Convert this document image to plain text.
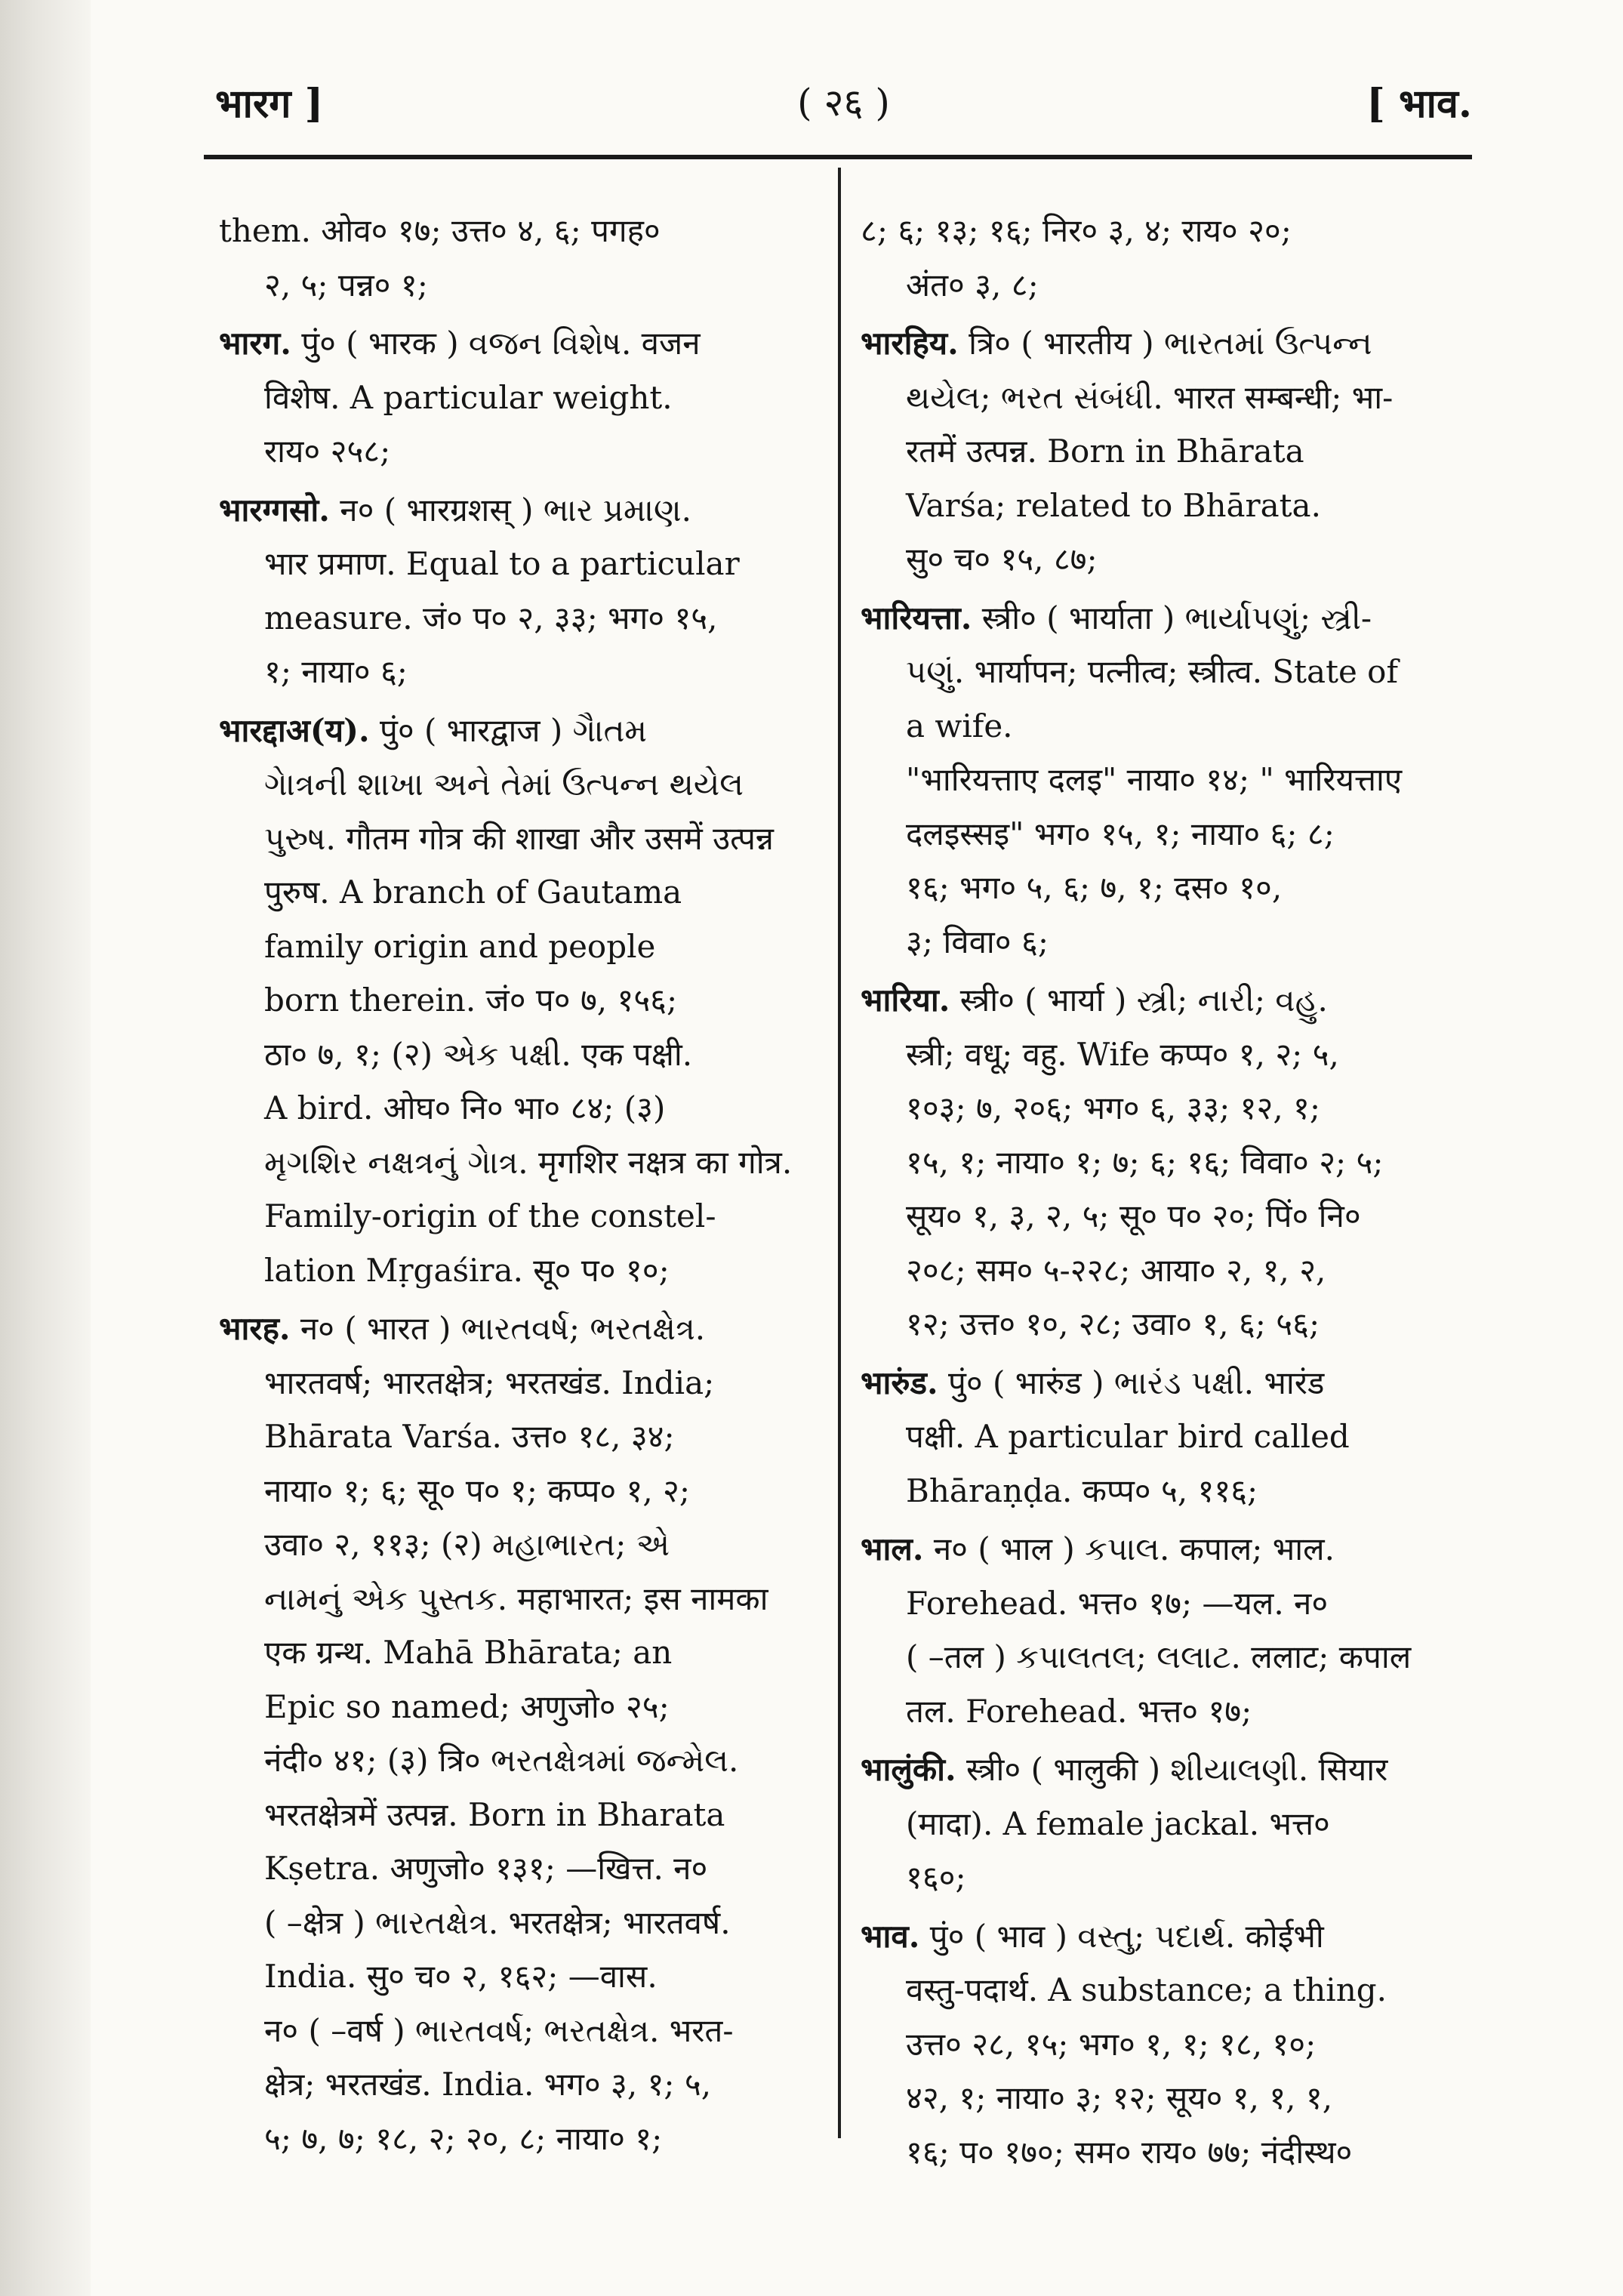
भारग ]	( २६ )	[ भाव.
them. ओव० १७; उत्त० ४, ६; पगह०
२, ५; पन्न० १;
भारग. पुं० ( भारक ) વજન વિશેષ. वजन
विशेष. A particular weight.
राय० २५८;
भारग्गसो. न० ( भारग्रशस् ) ભાર પ્રમાણ.
भार प्रमाण. Equal to a particular
measure. जं० प० २, ३३; भग० १५,
१; नाया० ६;
भारद्दाअ(य). पुं० ( भारद्वाज ) ગૈાતમ
ગેાત્રની શાખા અને તેમાં ઉત્પન્ન થયેલ
પુરુષ. गौतम गोत्र की शाखा और उसमें उत्पन्न
पुरुष. A branch of Gautama
family origin and people
born therein. जं० प० ७, १५६;
ठा० ७, १; (२) એક પક્ષી. एक पक्षी.
A bird. ओघ० नि० भा० ८४; (३)
મૃગશિર નક્ષત્રનું ગેાત્ર. मृगशिर नक्षत्र का गोत्र.
Family-origin of the constel-
lation Mṛgaśira. सू० प० १०;
भारह. न० ( भारत ) ભારતવર્ષ; ભરતક્ષેત્ર.
भारतवर्ष; भारतक्षेत्र; भरतखंड. India;
Bhārata Varśa. उत्त० १८, ३४;
नाया० १; ६; सू० प० १; कप्प० १, २;
उवा० २, ११३; (२) મહાભારત; એ
નામનું એક પુસ્તક. महाभारत; इस नामका
एक ग्रन्थ. Mahā Bhārata; an
Epic so named; अणुजो० २५;
नंदी० ४१; (३) त्रि० ભરતક્ષેત્રમાં જન્મેલ.
भरतक्षेत्रमें उत्पन्न. Born in Bharata
Kṣetra. अणुजो० १३१; —खित्त. न०
( –क्षेत्र ) ભારતક્ષેત્ર. भरतक्षेत्र; भारतवर्ष.
India. सु० च० २, १६२; —वास.
न० ( –वर्ष ) ભારતવર્ષ; ભરતક્ષેત્ર. भरत-
क्षेत्र; भरतखंड. India. भग० ३, १; ५,
५; ७, ७; १८, २; २०, ८; नाया० १;
८; ६; १३; १६; निर० ३, ४; राय० २०;
अंत० ३, ८;
भारहिय. त्रि० ( भारतीय ) ભારતમાં ઉત્પન્ન
થયેલ; ભરત સંબંધી. भारत सम्बन्धी; भा-
रतमें उत्पन्न. Born in Bhārata
Varśa; related to Bhārata.
सु० च० १५, ८७;
भारियत्ता. स्त्री० ( भार्याता ) ભાર્યાપણું; સ્ત્રી-
પણું. भार्यापन; पत्नीत्व; स्त्रीत्व. State of
a wife.
"भारियत्ताए दलइ" नाया० १४; " भारियत्ताए
दलइस्सइ" भग० १५, १; नाया० ६; ८;
१६; भग० ५, ६; ७, १; दस० १०,
३; विवा० ६;
भारिया. स्त्री० ( भार्या ) સ્ત્રી; નારી; વહુ.
स्त्री; वधू; वहु. Wife कप्प० १, २; ५,
१०३; ७, २०६; भग० ६, ३३; १२, १;
१५, १; नाया० १; ७; ६; १६; विवा० २; ५;
सूय० १, ३, २, ५; सू० प० २०; पिं० नि०
२०८; सम० ५-२२८; आया० २, १, २,
१२; उत्त० १०, २८; उवा० १, ६; ५६;
भारुंड. पुं० ( भारुंड ) ભારંડ પક્ષી. भारंड
पक्षी. A particular bird called
Bhāraṇḍa. कप्प० ५, ११६;
भाल. न० ( भाल ) કપાલ. कपाल; भाल.
Forehead. भत्त० १७; —यल. न०
( –तल ) કપાલતલ; લલાટ. ललाट; कपाल
तल. Forehead. भत्त० १७;
भालुंकी. स्त्री० ( भालुकी ) શીયાલણી. सियार
(मादा). A female jackal. भत्त०
१६०;
भाव. पुं० ( भाव ) વસ્તુ; પદાર્થ. कोईभी
वस्तु-पदार्थ. A substance; a thing.
उत्त० २८, १५; भग० १, १; १८, १०;
४२, १; नाया० ३; १२; सूय० १, १, १,
१६; प० १७०; सम० राय० ७७; नंदीस्थ०
